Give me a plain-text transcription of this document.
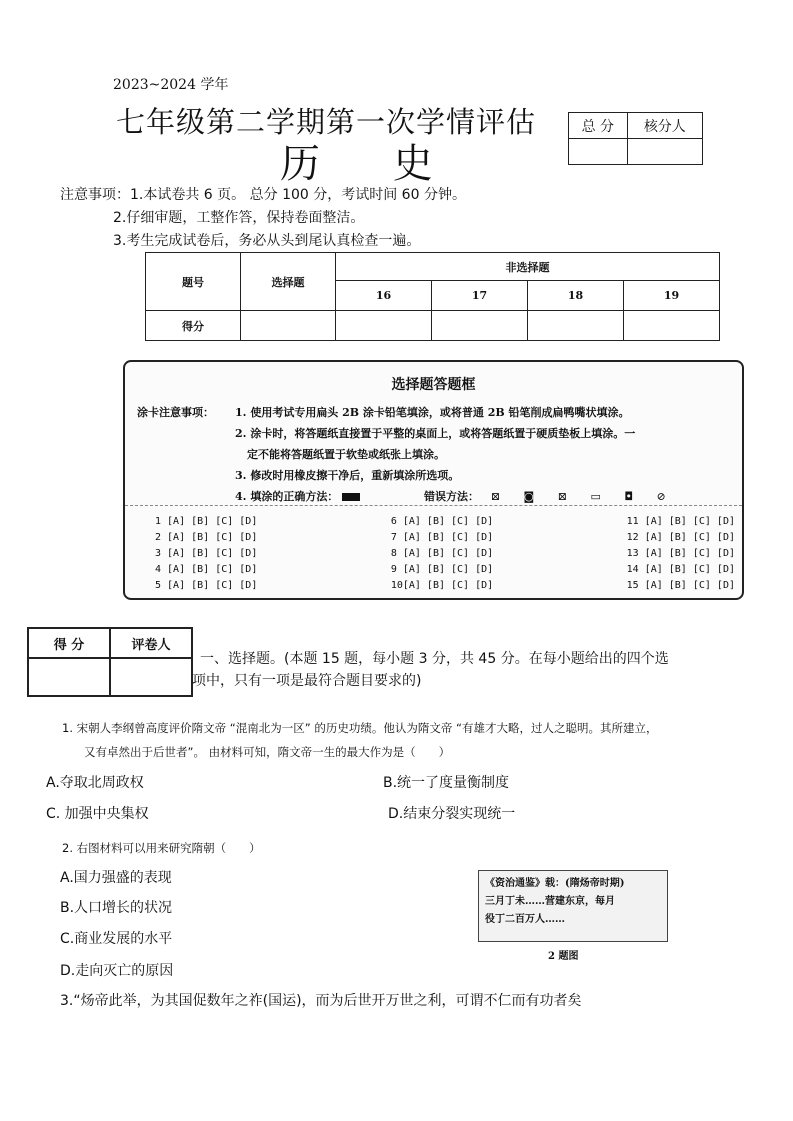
2023~2024 学年
七年级第二学期第一次学情评估
历 史
总 分	核分人

注意事项：1.本试卷共 6 页。 总分 100 分，考试时间 60 分钟。
2.仔细审题，工整作答，保持卷面整洁。
3.考生完成试卷后，务必从头到尾认真检查一遍。
题号	选择题	非选择题			
		16	17	18	19
得分					
选择题答题框
涂卡注意事项： 1. 使用考试专用扁头 2B 涂卡铅笔填涂，或将普通 2B 铅笔削成扁鸭嘴状填涂。
2. 涂卡时，将答题纸直接置于平整的桌面上，或将答题纸置于硬质垫板上填涂。一
定不能将答题纸置于软垫或纸张上填涂。
3. 修改时用橡皮擦干净后，重新填涂所选项。
4. 填涂的正确方法：	错误方法： ⊠ ◙ ⊠ ▭ ◘ ⊘
1 [A] [B] [C] [D]
2 [A] [B] [C] [D]
3 [A] [B] [C] [D]
4 [A] [B] [C] [D]
5 [A] [B] [C] [D]
6 [A] [B] [C] [D]
7 [A] [B] [C] [D]
8 [A] [B] [C] [D]
9 [A] [B] [C] [D]
10[A] [B] [C] [D]
11 [A] [B] [C] [D]
12 [A] [B] [C] [D]
13 [A] [B] [C] [D]
14 [A] [B] [C] [D]
15 [A] [B] [C] [D]
得 分	评卷人

一、选择题。(本题 15 题，每小题 3 分，共 45 分。在每小题给出的四个选
项中，只有一项是最符合题目要求的)
1. 宋朝人李纲曾高度评价隋文帝 “混南北为一区” 的历史功绩。他认为隋文帝 “有雄才大略，过人之聪明。其所建立，
又有卓然出于后世者”。 由材料可知，隋文帝一生的最大作为是（　　）
A.夺取北周政权	B.统一了度量衡制度
C. 加强中央集权	D.结束分裂实现统一
2. 右图材料可以用来研究隋朝（　　）
A.国力强盛的表现
B.人口增长的状况
C.商业发展的水平
D.走向灭亡的原因
《资治通鉴》载：(隋炀帝时期)
三月丁未……营建东京，每月
役丁二百万人……
2 题图
3.“炀帝此举，为其国促数年之祚(国运)，而为后世开万世之利，可谓不仁而有功者矣
